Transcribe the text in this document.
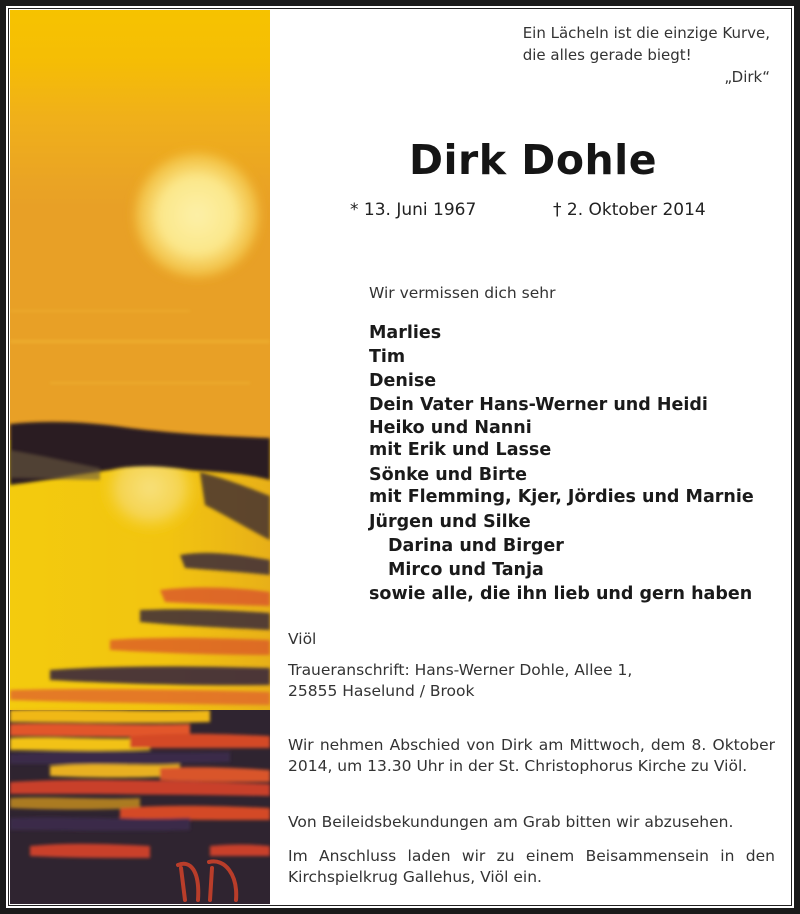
Ein Lächeln ist die einzige Kurve,
die alles gerade biegt!
„Dirk“
Dirk Dohle
* 13. Juni 1967	† 2. Oktober 2014
Wir vermissen dich sehr
Marlies
Tim
Denise
Dein Vater Hans-Werner und Heidi
Heiko und Nanni
mit Erik und Lasse
Sönke und Birte
mit Flemming, Kjer, Jördies und Marnie
Jürgen und Silke
Darina und Birger
Mirco und Tanja
sowie alle, die ihn lieb und gern haben
Viöl
Traueranschrift: Hans-Werner Dohle, Allee 1,
25855 Haselund / Brook
Wir nehmen Abschied von Dirk am Mittwoch, dem 8. Oktober 2014, um 13.30 Uhr in der St. Christophorus Kirche zu Viöl.
Von Beileidsbekundungen am Grab bitten wir abzusehen.
Im Anschluss laden wir zu einem Beisammensein in den Kirchspielkrug Gallehus, Viöl ein.
